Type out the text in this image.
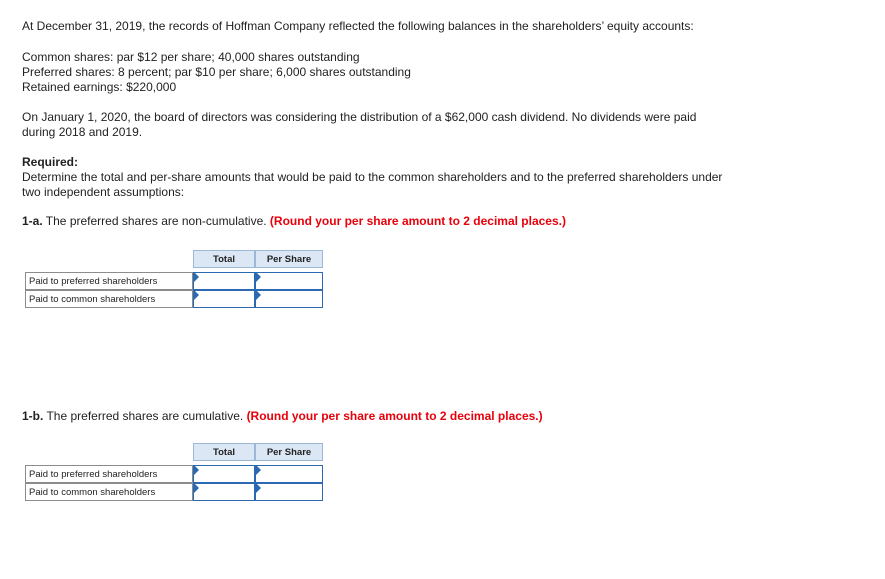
At December 31, 2019, the records of Hoffman Company reflected the following balances in the shareholders’ equity accounts:

Common shares: par $12 per share; 40,000 shares outstanding

Preferred shares: 8 percent; par $10 per share; 6,000 shares outstanding

Retained earnings: $220,000

On January 1, 2020, the board of directors was considering the distribution of a $62,000 cash dividend. No dividends were paid

during 2018 and 2019.

Required:

Determine the total and per-share amounts that would be paid to the common shareholders and to the preferred shareholders under

two independent assumptions:

1-a. The preferred shares are non-cumulative. (Round your per share amount to 2 decimal places.)

	Total	Per Share

Paid to preferred shareholders	

Paid to common shareholders	

1-b. The preferred shares are cumulative. (Round your per share amount to 2 decimal places.)

	Total	Per Share

Paid to preferred shareholders	

Paid to common shareholders	
